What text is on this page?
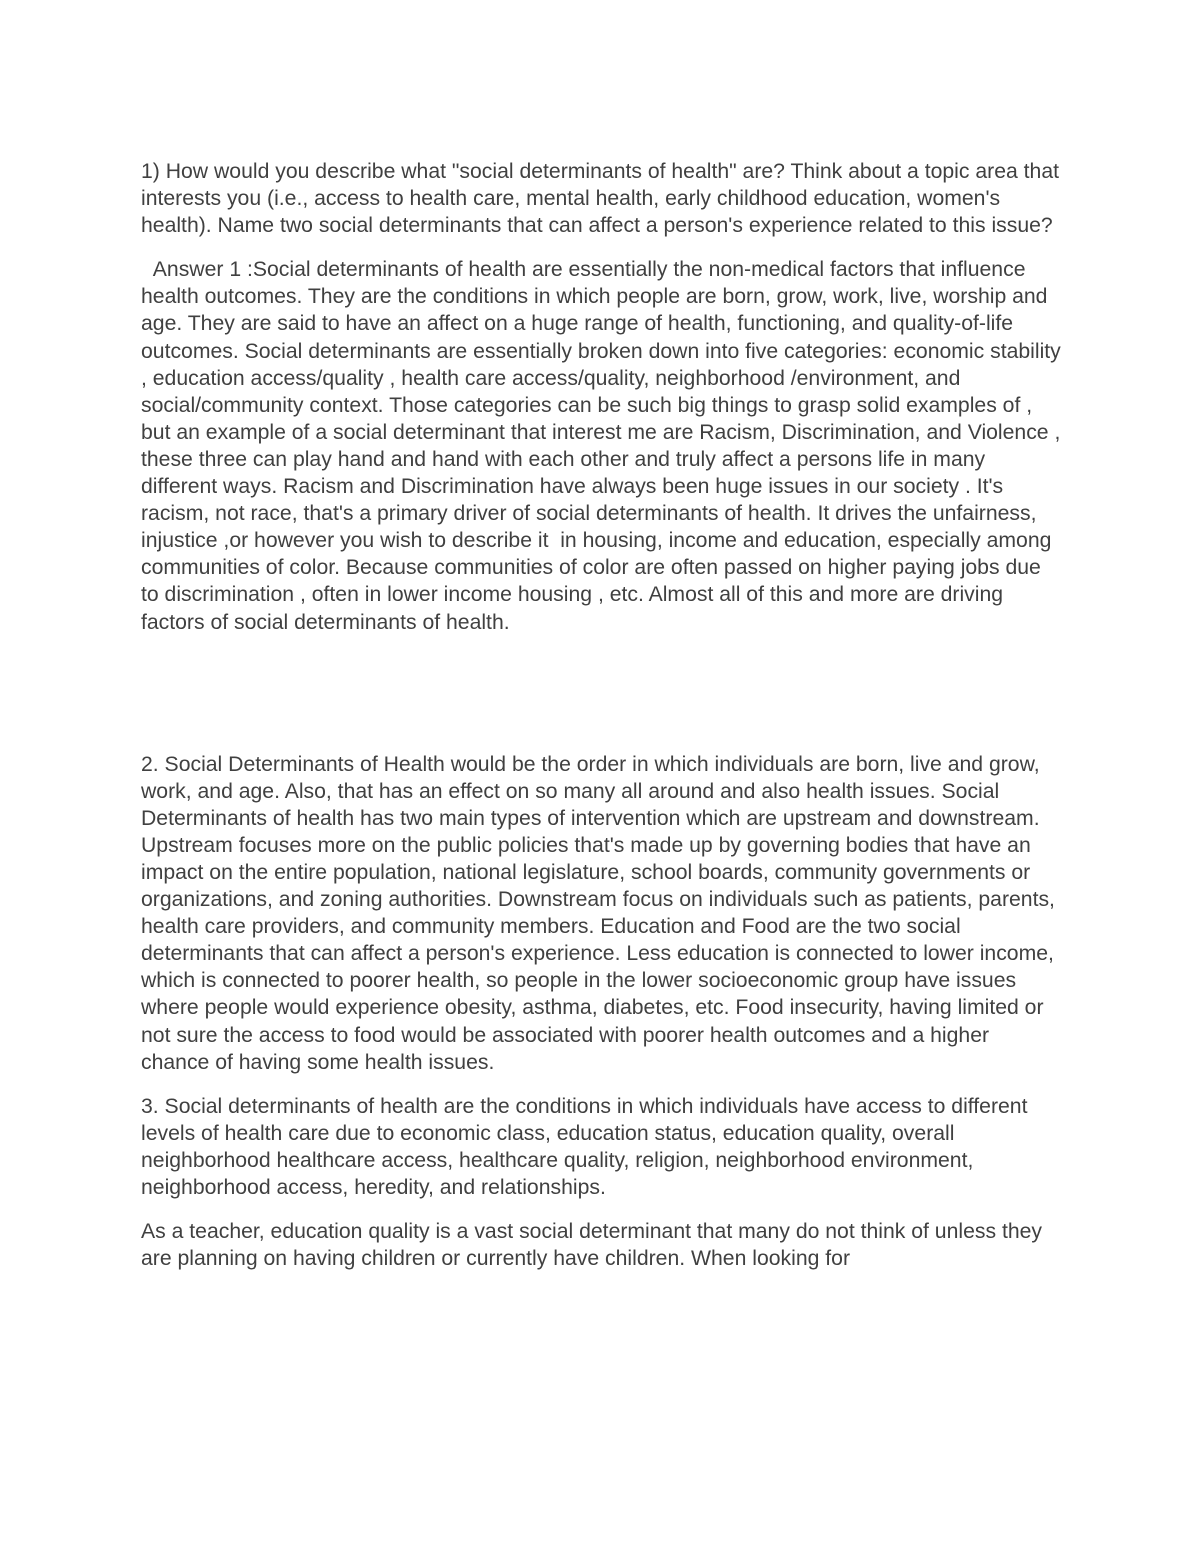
1) How would you describe what "social determinants of health" are? Think about a topic area that interests you (i.e., access to health care, mental health, early childhood education, women's health). Name two social determinants that can affect a person's experience related to this issue?

Answer 1 :Social determinants of health are essentially the non-medical factors that influence health outcomes. They are the conditions in which people are born, grow, work, live, worship and age. They are said to have an affect on a huge range of health, functioning, and quality-of-life outcomes. Social determinants are essentially broken down into five categories: economic stability , education access/quality , health care access/quality, neighborhood /environment, and social/community context. Those categories can be such big things to grasp solid examples of , but an example of a social determinant that interest me are Racism, Discrimination, and Violence , these three can play hand and hand with each other and truly affect a persons life in many different ways. Racism and Discrimination have always been huge issues in our society . It's racism, not race, that's a primary driver of social determinants of health. It drives the unfairness, injustice ,or however you wish to describe it  in housing, income and education, especially among communities of color. Because communities of color are often passed on higher paying jobs due to discrimination , often in lower income housing , etc. Almost all of this and more are driving factors of social determinants of health.

2. Social Determinants of Health would be the order in which individuals are born, live and grow, work, and age. Also, that has an effect on so many all around and also health issues. Social Determinants of health has two main types of intervention which are upstream and downstream. Upstream focuses more on the public policies that's made up by governing bodies that have an impact on the entire population, national legislature, school boards, community governments or organizations, and zoning authorities. Downstream focus on individuals such as patients, parents, health care providers, and community members. Education and Food are the two social determinants that can affect a person's experience. Less education is connected to lower income, which is connected to poorer health, so people in the lower socioeconomic group have issues where people would experience obesity, asthma, diabetes, etc. Food insecurity, having limited or not sure the access to food would be associated with poorer health outcomes and a higher chance of having some health issues.

3. Social determinants of health are the conditions in which individuals have access to different levels of health care due to economic class, education status, education quality, overall neighborhood healthcare access, healthcare quality, religion, neighborhood environment, neighborhood access, heredity, and relationships.

As a teacher, education quality is a vast social determinant that many do not think of unless they are planning on having children or currently have children. When looking for
